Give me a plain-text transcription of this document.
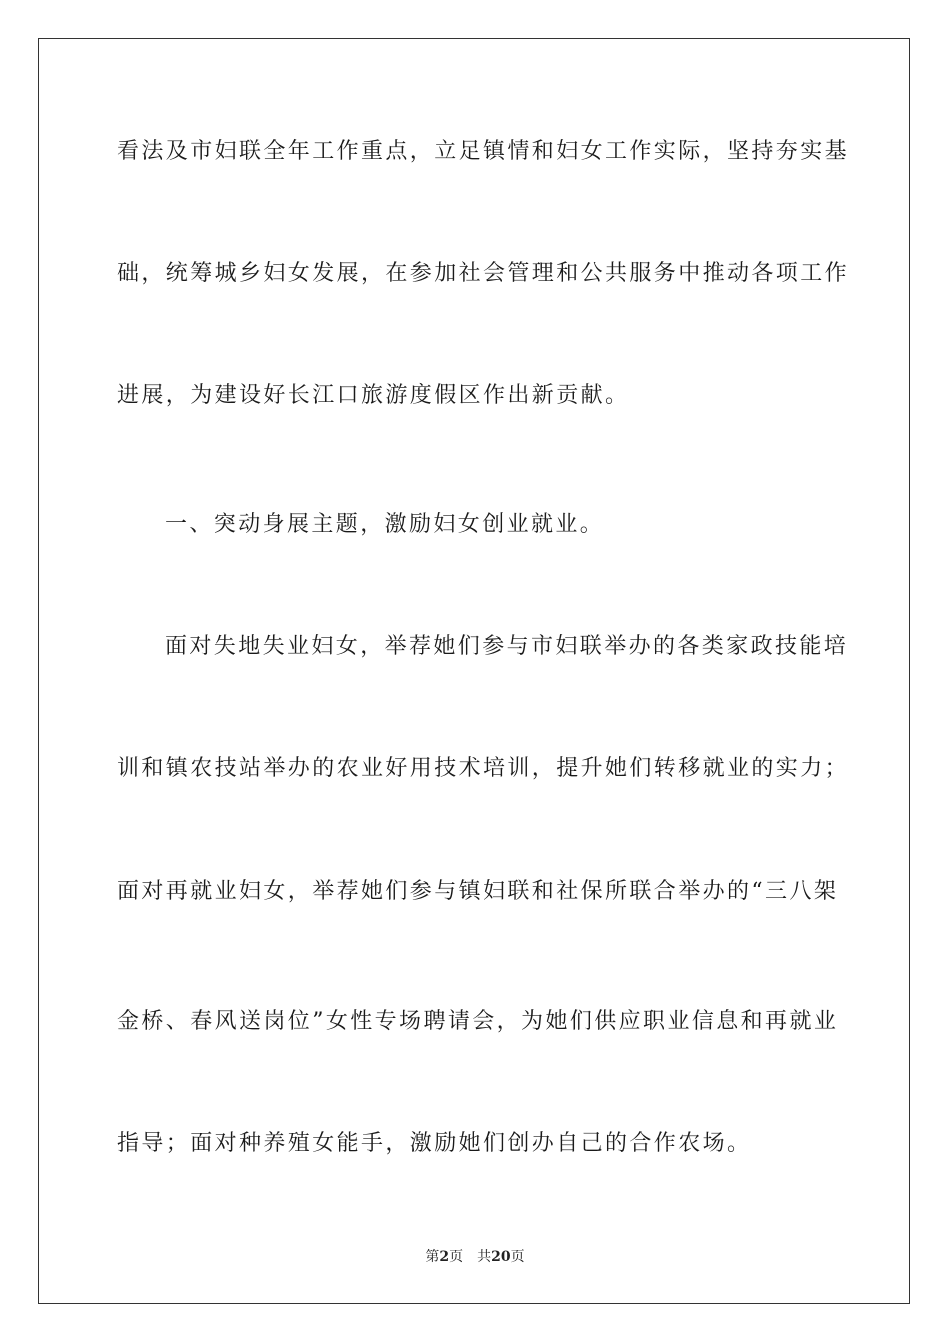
看法及市妇联全年工作重点，立足镇情和妇女工作实际，坚持夯实基
础，统筹城乡妇女发展，在参加社会管理和公共服务中推动各项工作
进展，为建设好长江口旅游度假区作出新贡献。
一、突动身展主题，激励妇女创业就业。
面对失地失业妇女，举荐她们参与市妇联举办的各类家政技能培
训和镇农技站举办的农业好用技术培训，提升她们转移就业的实力；
面对再就业妇女，举荐她们参与镇妇联和社保所联合举办的“三八架
金桥、春风送岗位”女性专场聘请会，为她们供应职业信息和再就业
指导；面对种养殖女能手，激励她们创办自己的合作农场。
第2页 共20页
